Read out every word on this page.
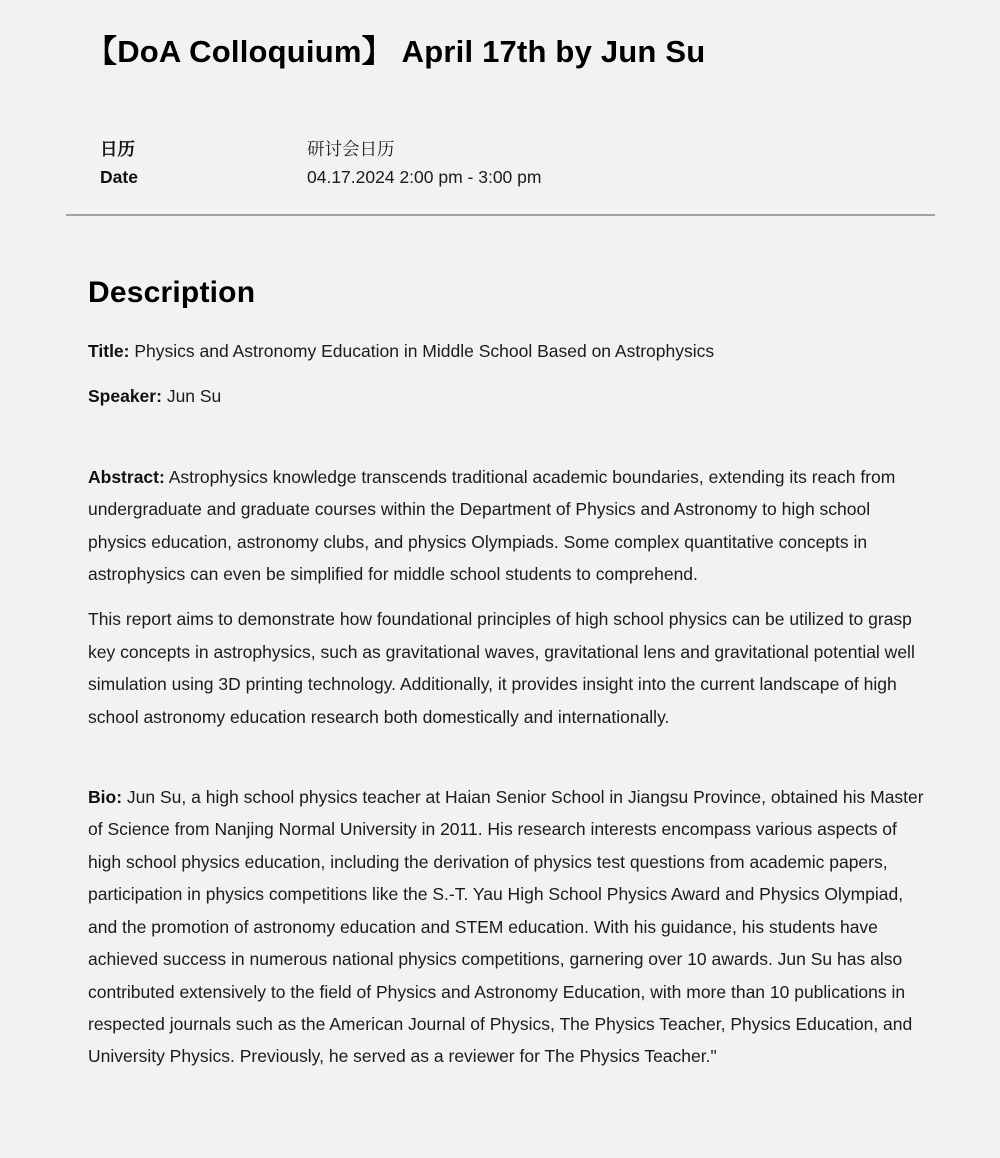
【DoA Colloquium】 April 17th by Jun Su
日历
Date
研讨会日历
04.17.2024 2:00 pm - 3:00 pm
Description

Title: Physics and Astronomy Education in Middle School Based on Astrophysics

Speaker: Jun Su

Abstract: Astrophysics knowledge transcends traditional academic boundaries, extending its reach from undergraduate and graduate courses within the Department of Physics and Astronomy to high school physics education, astronomy clubs, and physics Olympiads. Some complex quantitative concepts in astrophysics can even be simplified for middle school students to comprehend.

This report aims to demonstrate how foundational principles of high school physics can be utilized to grasp key concepts in astrophysics, such as gravitational waves, gravitational lens and gravitational potential well simulation using 3D printing technology. Additionally, it provides insight into the current landscape of high school astronomy education research both domestically and internationally.

Bio: Jun Su, a high school physics teacher at Haian Senior School in Jiangsu Province, obtained his Master of Science from Nanjing Normal University in 2011. His research interests encompass various aspects of high school physics education, including the derivation of physics test questions from academic papers, participation in physics competitions like the S.-T. Yau High School Physics Award and Physics Olympiad, and the promotion of astronomy education and STEM education. With his guidance, his students have achieved success in numerous national physics competitions, garnering over 10 awards. Jun Su has also contributed extensively to the field of Physics and Astronomy Education, with more than 10 publications in respected journals such as the American Journal of Physics, The Physics Teacher, Physics Education, and University Physics. Previously, he served as a reviewer for The Physics Teacher."
